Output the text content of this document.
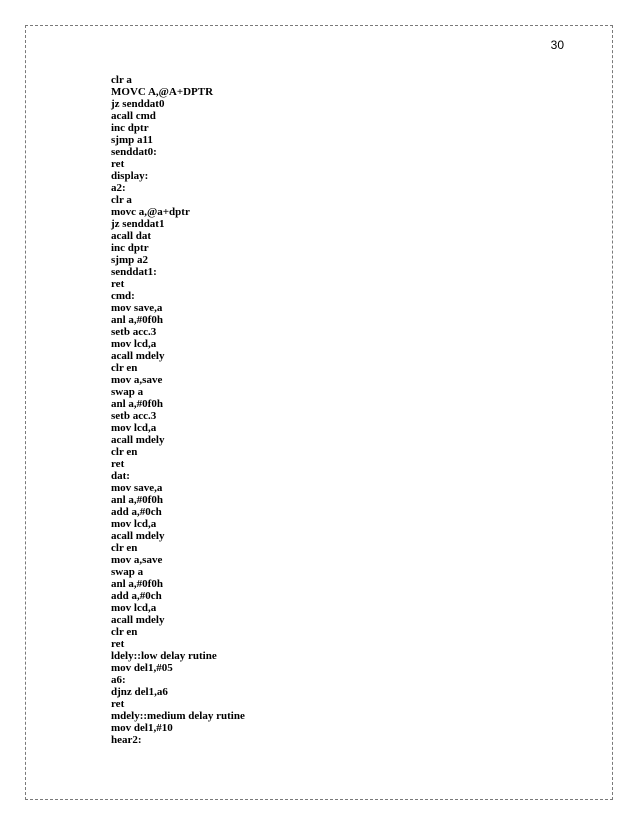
30
clr a
MOVC A,@A+DPTR
jz senddat0
acall cmd
inc dptr
sjmp a11
senddat0:
ret
display:
a2:
clr a
movc a,@a+dptr
jz senddat1
acall dat
inc dptr
sjmp a2
senddat1:
ret
cmd:
mov save,a
anl a,#0f0h
setb acc.3
mov lcd,a
acall mdely
clr en
mov a,save
swap a
anl a,#0f0h
setb acc.3
mov lcd,a
acall mdely
clr en
ret
dat:
mov save,a
anl a,#0f0h
add a,#0ch
mov lcd,a
acall mdely
clr en
mov a,save
swap a
anl a,#0f0h
add a,#0ch
mov lcd,a
acall mdely
clr en
ret
ldely::low delay rutine
mov del1,#05
a6:
djnz del1,a6
ret
mdely::medium delay rutine
mov del1,#10
hear2:
